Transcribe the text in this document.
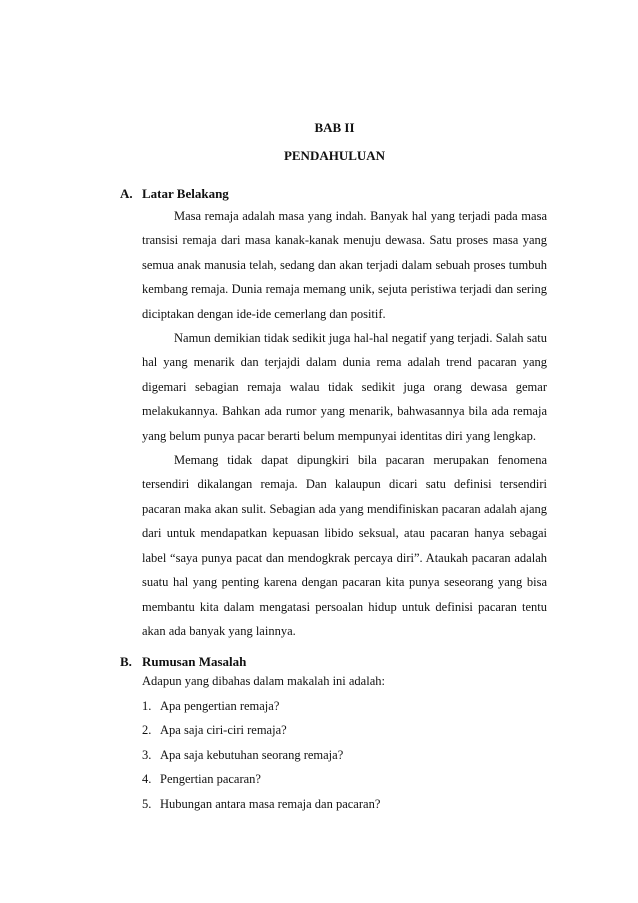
BAB II
PENDAHULUAN
A. Latar Belakang

Masa remaja adalah masa yang indah. Banyak hal yang terjadi pada masa transisi remaja dari masa kanak-kanak menuju dewasa. Satu proses masa yang semua anak manusia telah, sedang dan akan terjadi dalam sebuah proses tumbuh kembang remaja. Dunia remaja memang unik, sejuta peristiwa terjadi dan sering diciptakan dengan ide-ide cemerlang dan positif.

Namun demikian tidak sedikit juga hal-hal negatif yang terjadi. Salah satu hal yang menarik dan terjajdi dalam dunia rema adalah trend pacaran yang digemari sebagian remaja walau tidak sedikit juga orang dewasa gemar melakukannya. Bahkan ada rumor yang menarik, bahwasannya bila ada remaja yang belum punya pacar berarti belum mempunyai identitas diri yang lengkap.

Memang tidak dapat dipungkiri bila pacaran merupakan fenomena tersendiri dikalangan remaja. Dan kalaupun dicari satu definisi tersendiri pacaran maka akan sulit. Sebagian ada yang mendifiniskan pacaran adalah ajang dari untuk mendapatkan kepuasan libido seksual, atau pacaran hanya sebagai label “saya punya pacat dan mendogkrak percaya diri”. Ataukah pacaran adalah suatu hal yang penting karena dengan pacaran kita punya seseorang yang bisa membantu kita dalam mengatasi persoalan hidup untuk definisi pacaran tentu akan ada banyak yang lainnya.

B. Rumusan Masalah
Adapun yang dibahas dalam makalah ini adalah:
1. Apa pengertian remaja?
2. Apa saja ciri-ciri remaja?
3. Apa saja kebutuhan seorang remaja?
4. Pengertian pacaran?
5. Hubungan antara masa remaja dan pacaran?
